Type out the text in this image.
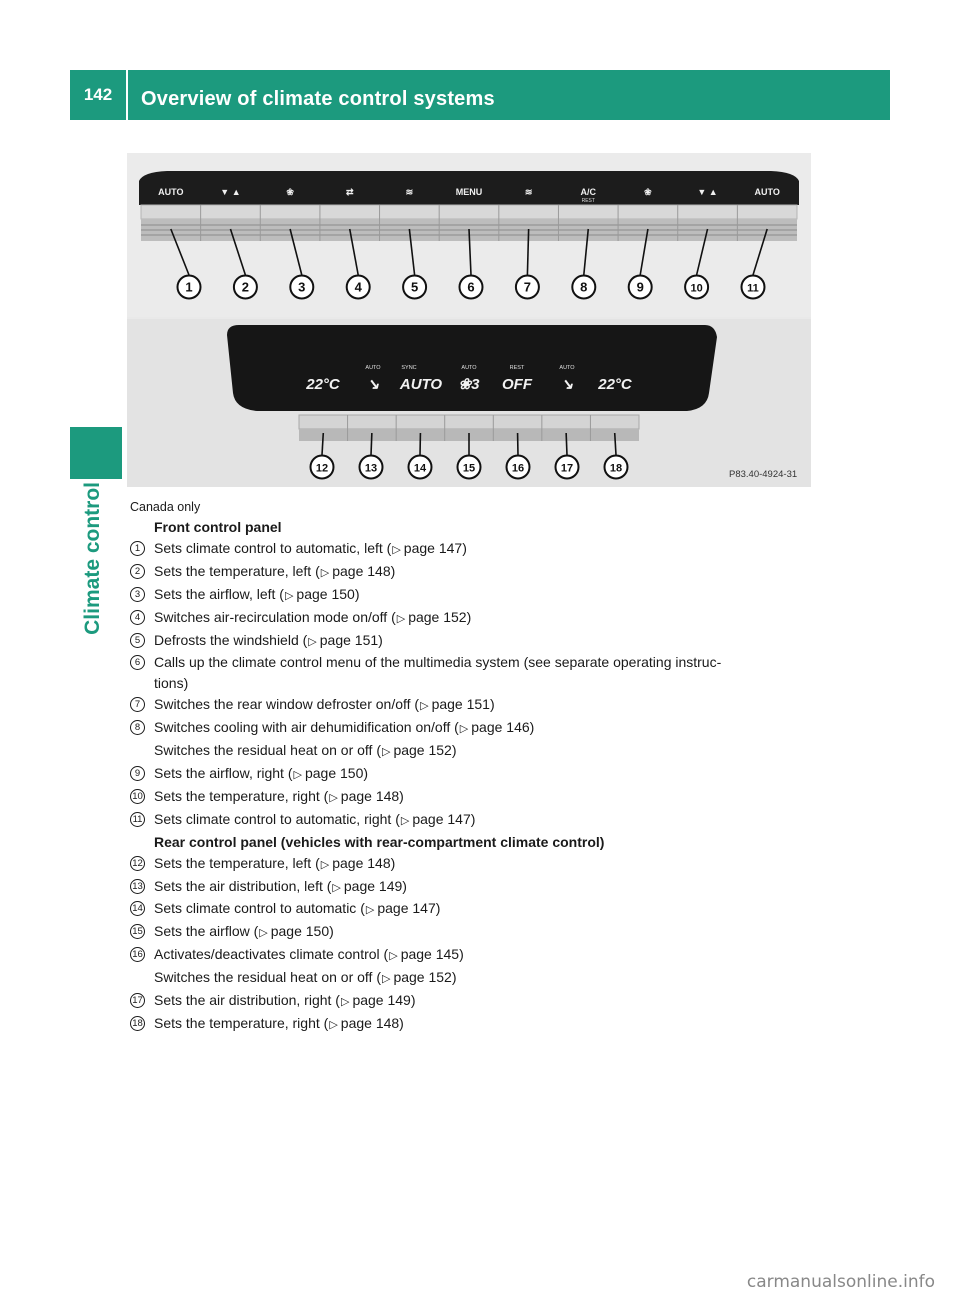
142	Overview of climate control systems
Climate control
AUTO	▼ ▲	❀	⇄	≋	MENU	≋	A/C
REST
❀	▼ ▲	AUTO
1	2	3	4	5	6	7	8	9	10	11
22°C ↘ AUTO ❀3 OFF ↘ 22°C
AUTO	SYNC	AUTO	REST	AUTO
12	13	14	15	16	17	18	P83.40-4924-31
Canada only
Front control panel
1 Sets climate control to automatic, left (▷ page 147)
2 Sets the temperature, left (▷ page 148)
3 Sets the airflow, left (▷ page 150)
4 Switches air-recirculation mode on/off (▷ page 152)
5 Defrosts the windshield (▷ page 151)
6 Calls up the climate control menu of the multimedia system (see separate operating instruc-
tions)
7 Switches the rear window defroster on/off (▷ page 151)
8 Switches cooling with air dehumidification on/off (▷ page 146)
Switches the residual heat on or off (▷ page 152)
9 Sets the airflow, right (▷ page 150)
10 Sets the temperature, right (▷ page 148)
11 Sets climate control to automatic, right (▷ page 147)
Rear control panel (vehicles with rear-compartment climate control)
12 Sets the temperature, left (▷ page 148)
13 Sets the air distribution, left (▷ page 149)
14 Sets climate control to automatic (▷ page 147)
15 Sets the airflow (▷ page 150)
16 Activates/deactivates climate control (▷ page 145)
Switches the residual heat on or off (▷ page 152)
17 Sets the air distribution, right (▷ page 149)
18 Sets the temperature, right (▷ page 148)
carmanualsonline.info
